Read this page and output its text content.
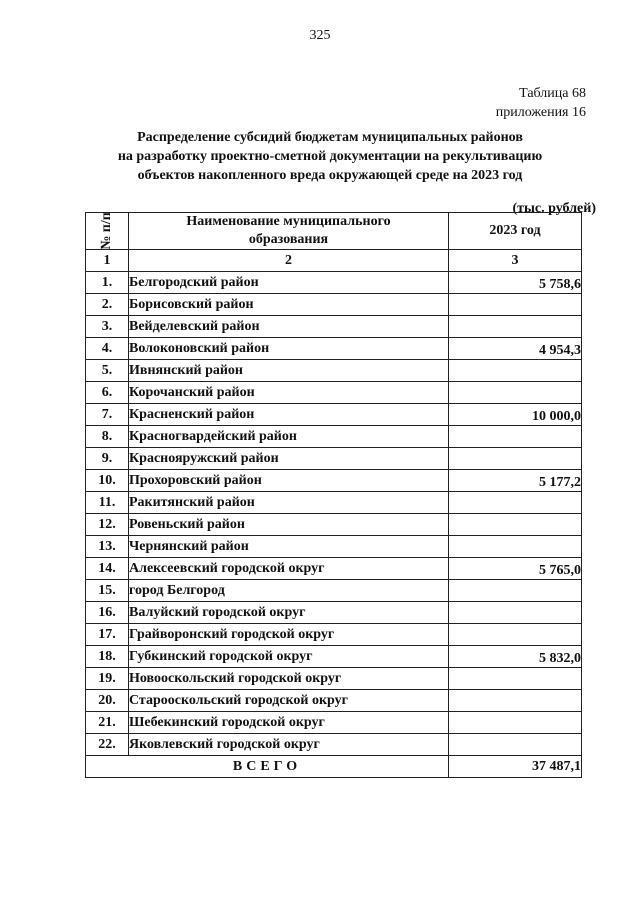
325
Таблица 68
приложения 16
Распределение субсидий бюджетам муниципальных районов
на разработку проектно-сметной документации на рекультивацию
объектов накопленного вреда окружающей среде на 2023 год
(тыс. рублей)
№ п/п	Наименование муниципального
образования	2023 год
1	2	3
1.	Белгородский район	5 758,6
2.	Борисовский район	
3.	Вейделевский район	
4.	Волоконовский район	4 954,3
5.	Ивнянский район	
6.	Корочанский район	
7.	Красненский район	10 000,0
8.	Красногвардейский район	
9.	Краснояружский район	
10.	Прохоровский район	5 177,2
11.	Ракитянский район	
12.	Ровеньский район	
13.	Чернянский район	
14.	Алексеевский городской округ	5 765,0
15.	город Белгород	
16.	Валуйский городской округ	
17.	Грайворонский городской округ	
18.	Губкинский городской округ	5 832,0
19.	Новооскольский городской округ	
20.	Старооскольский городской округ	
21.	Шебекинский городской округ	
22.	Яковлевский городской округ	
ВСЕГО		37 487,1
